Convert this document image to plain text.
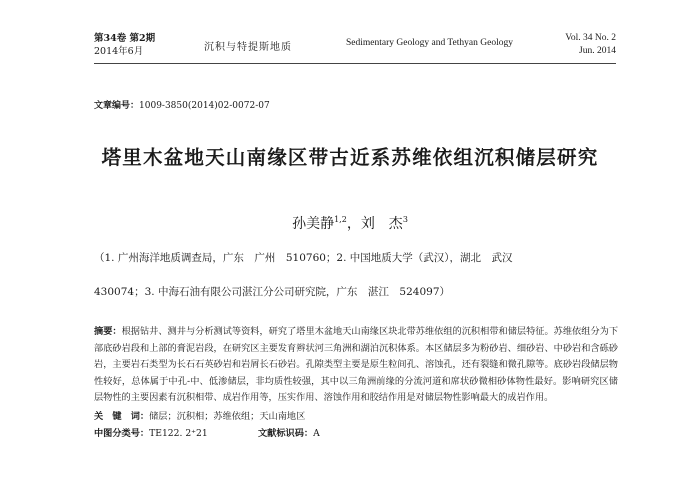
第34卷 第2期
2014年6月	沉积与特提斯地质	Sedimentary Geology and Tethyan Geology	Vol. 34 No. 2
Jun. 2014
文章编号：1009-3850(2014)02-0072-07
塔里木盆地天山南缘区带古近系苏维依组沉积储层研究
孙美静$^{1,2}$，刘　杰$^3$
（1. 广州海洋地质调查局，广东　广州　510760；2. 中国地质大学（武汉），湖北　武汉
430074；3. 中海石油有限公司湛江分公司研究院，广东　湛江　524097）
摘要：根据钻井、测井与分析测试等资料，研究了塔里木盆地天山南缘区块北带苏维依组的沉积相带和储层特征。苏维依组分为下部底砂岩段和上部的膏泥岩段，在研究区主要发育辫状河三角洲和湖泊沉积体系。本区储层多为粉砂岩、细砂岩、中砂岩和含砾砂岩，主要岩石类型为长石石英砂岩和岩屑长石砂岩。孔隙类型主要是原生粒间孔、溶蚀孔，还有裂缝和微孔隙等。底砂岩段储层物性较好，总体属于中孔-中、低渗储层，非均质性较强，其中以三角洲前缘的分流河道和席状砂微相砂体物性最好。影响研究区储层物性的主要因素有沉积相带、成岩作用等，压实作用、溶蚀作用和胶结作用是对储层物性影响最大的成岩作用。
关　键　词：储层；沉积相；苏维依组；天山南地区
中图分类号：TE122. 2⁺21	文献标识码：A
